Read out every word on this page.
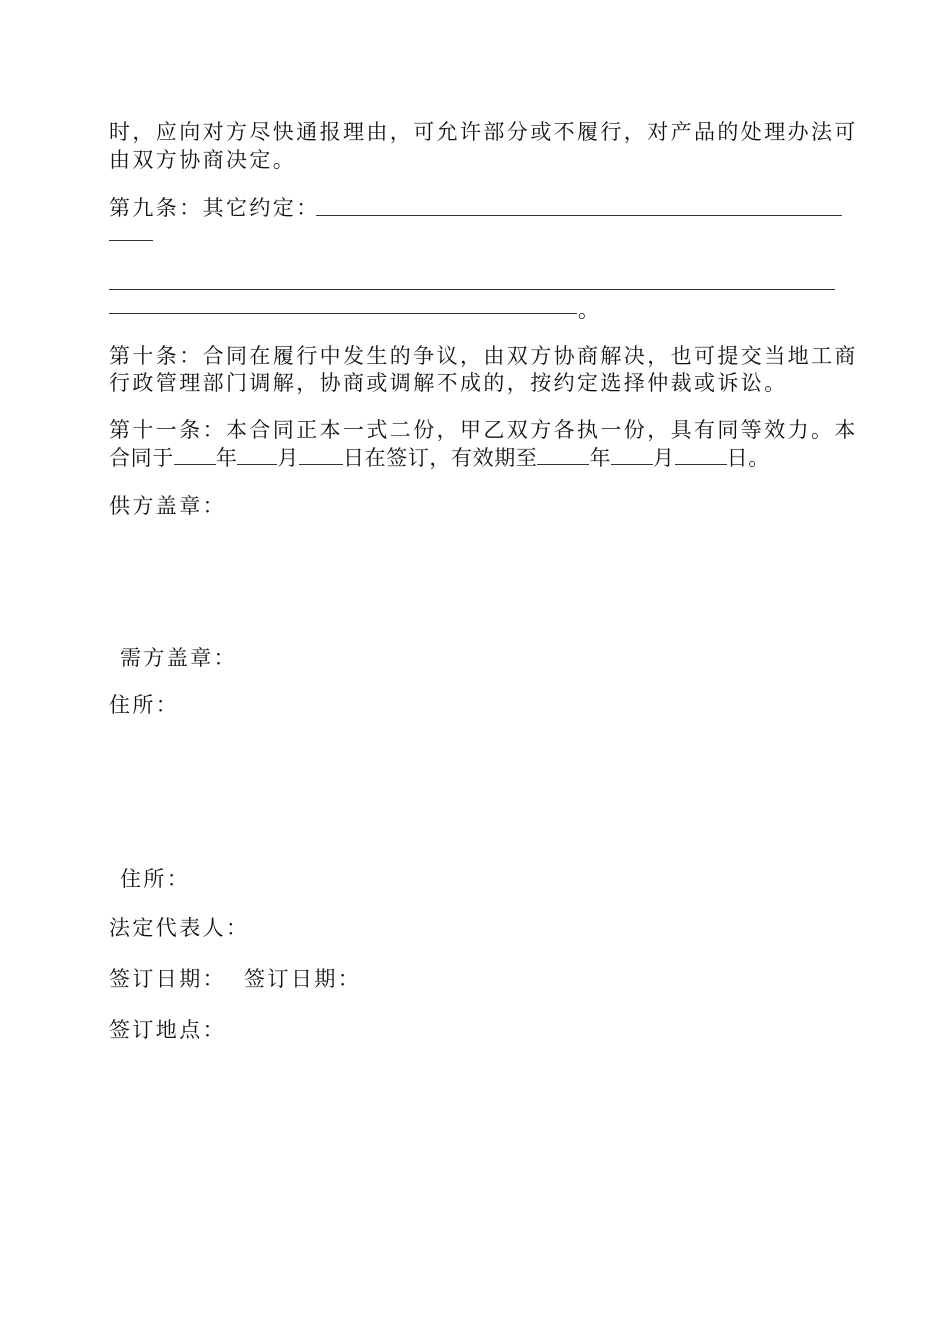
时，应向对方尽快通报理由，可允许部分或不履行，对产品的处理办法可
由双方协商决定。
第九条：其它约定：
。
第十条：合同在履行中发生的争议，由双方协商解决，也可提交当地工商
行政管理部门调解，协商或调解不成的，按约定选择仲裁或诉讼。
第十一条：本合同正本一式二份，甲乙双方各执一份，具有同等效力。本
合同于 年 月 日在签订，有效期至 年 月 日。
供方盖章：
需方盖章：
住所：
住所：
法定代表人：
签订日期：  签订日期：
签订地点：
